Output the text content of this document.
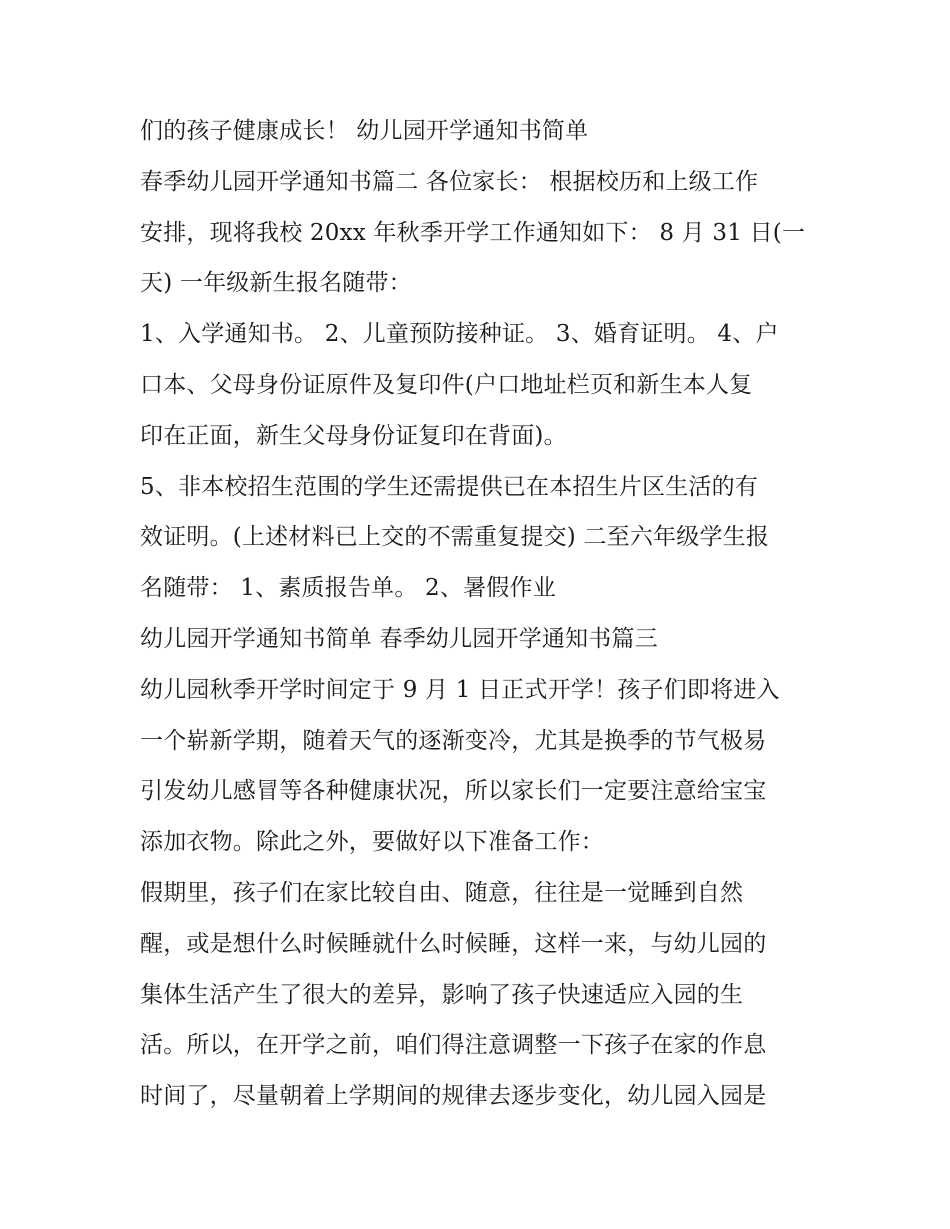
们的孩子健康成长！ 幼儿园开学通知书简单
春季幼儿园开学通知书篇二 各位家长： 根据校历和上级工作
安排，现将我校 20xx 年秋季开学工作通知如下： 8 月 31 日(一
天) 一年级新生报名随带：
1、入学通知书。 2、儿童预防接种证。 3、婚育证明。 4、户
口本、父母身份证原件及复印件(户口地址栏页和新生本人复
印在正面，新生父母身份证复印在背面)。
5、非本校招生范围的学生还需提供已在本招生片区生活的有
效证明。(上述材料已上交的不需重复提交) 二至六年级学生报
名随带： 1、素质报告单。 2、暑假作业
幼儿园开学通知书简单 春季幼儿园开学通知书篇三
幼儿园秋季开学时间定于 9 月 1 日正式开学！孩子们即将进入
一个崭新学期，随着天气的逐渐变冷，尤其是换季的节气极易
引发幼儿感冒等各种健康状况，所以家长们一定要注意给宝宝
添加衣物。除此之外，要做好以下准备工作：
假期里，孩子们在家比较自由、随意，往往是一觉睡到自然
醒，或是想什么时候睡就什么时候睡，这样一来，与幼儿园的
集体生活产生了很大的差异，影响了孩子快速适应入园的生
活。所以，在开学之前，咱们得注意调整一下孩子在家的作息
时间了，尽量朝着上学期间的规律去逐步变化，幼儿园入园是
